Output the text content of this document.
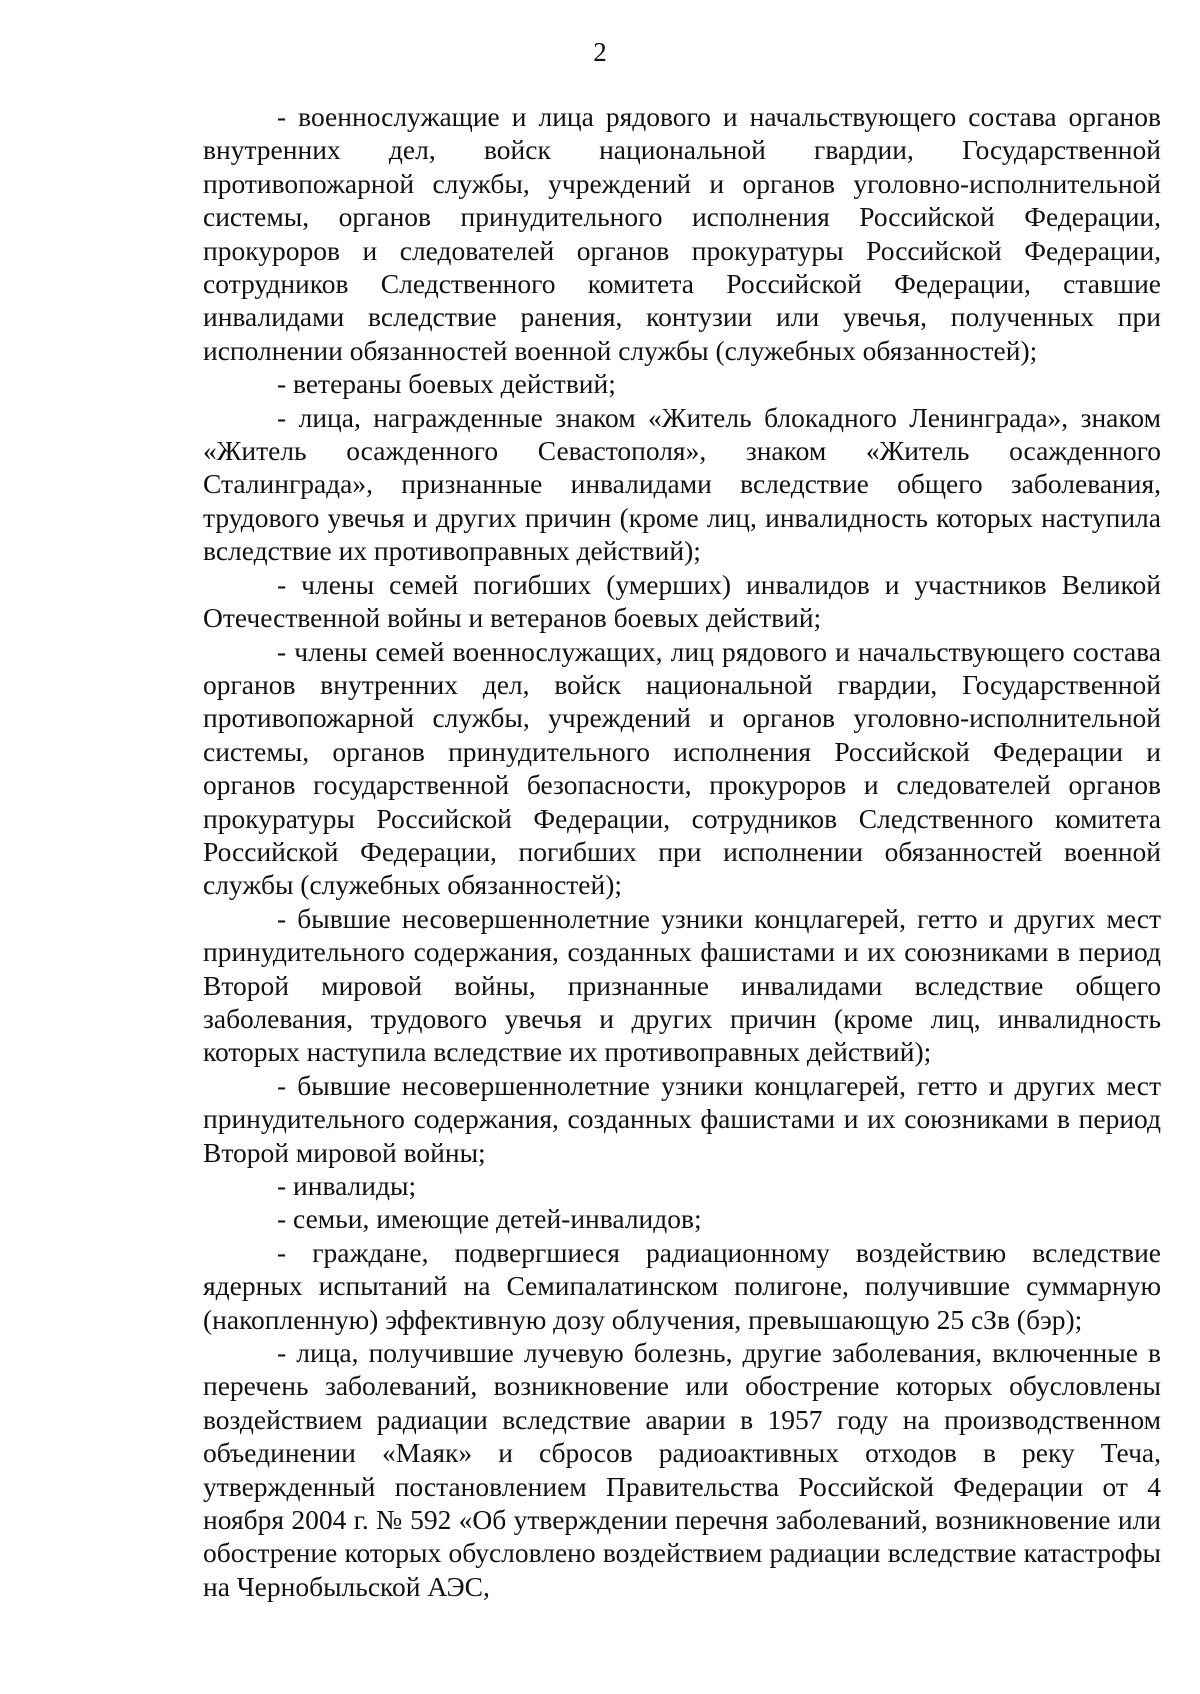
2

- военнослужащие и лица рядового и начальствующего состава органов внутренних дел, войск национальной гвардии, Государственной противопожарной службы, учреждений и органов уголовно-исполнительной системы, органов принудительного исполнения Российской Федерации, прокуроров и следователей органов прокуратуры Российской Федерации, сотрудников Следственного комитета Российской Федерации, ставшие инвалидами вследствие ранения, контузии или увечья, полученных при исполнении обязанностей военной службы (служебных обязанностей);

- ветераны боевых действий;

- лица, награжденные знаком «Житель блокадного Ленинграда», знаком «Житель осажденного Севастополя», знаком «Житель осажденного Сталинграда», признанные инвалидами вследствие общего заболевания, трудового увечья и других причин (кроме лиц, инвалидность которых наступила вследствие их противоправных действий);

- члены семей погибших (умерших) инвалидов и участников Великой Отечественной войны и ветеранов боевых действий;

- члены семей военнослужащих, лиц рядового и начальствующего состава органов внутренних дел, войск национальной гвардии, Государственной противопожарной службы, учреждений и органов уголовно-исполнительной системы, органов принудительного исполнения Российской Федерации и органов государственной безопасности, прокуроров и следователей органов прокуратуры Российской Федерации, сотрудников Следственного комитета Российской Федерации, погибших при исполнении обязанностей военной службы (служебных обязанностей);

- бывшие несовершеннолетние узники концлагерей, гетто и других мест принудительного содержания, созданных фашистами и их союзниками в период Второй мировой войны, признанные инвалидами вследствие общего заболевания, трудового увечья и других причин (кроме лиц, инвалидность которых наступила вследствие их противоправных действий);

- бывшие несовершеннолетние узники концлагерей, гетто и других мест принудительного содержания, созданных фашистами и их союзниками в период Второй мировой войны;

- инвалиды;

- семьи, имеющие детей-инвалидов;

- граждане, подвергшиеся радиационному воздействию вследствие ядерных испытаний на Семипалатинском полигоне, получившие суммарную (накопленную) эффективную дозу облучения, превышающую 25 сЗв (бэр);

- лица, получившие лучевую болезнь, другие заболевания, включенные в перечень заболеваний, возникновение или обострение которых обусловлены воздействием радиации вследствие аварии в 1957 году на производственном объединении «Маяк» и сбросов радиоактивных отходов в реку Теча, утвержденный постановлением Правительства Российской Федерации от 4 ноября 2004 г. № 592 «Об утверждении перечня заболеваний, возникновение или обострение которых обусловлено воздействием радиации вследствие катастрофы на Чернобыльской АЭС,
